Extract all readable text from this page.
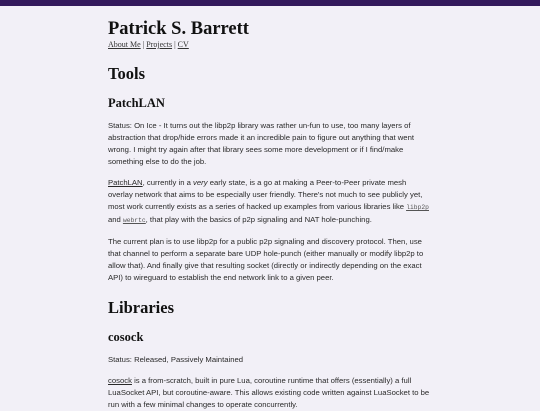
Patrick S. Barrett
About Me | Projects | CV
Tools
PatchLAN

Status: On Ice - It turns out the libp2p library was rather un-fun to use, too many layers of abstraction that drop/hide errors made it an incredible pain to figure out anything that went wrong. I might try again after that library sees some more development or if I find/make something else to do the job.

PatchLAN, currently in a very early state, is a go at making a Peer-to-Peer private mesh overlay network that aims to be especially user friendly. There's not much to see publicly yet, most work currently exists as a series of hacked up examples from various libraries like libp2p and webrtc, that play with the basics of p2p signaling and NAT hole-punching.

The current plan is to use libp2p for a public p2p signaling and discovery protocol. Then, use that channel to perform a separate bare UDP hole-punch (either manually or modify libp2p to allow that). And finally give that resulting socket (directly or indirectly depending on the exact API) to wireguard to establish the end network link to a given peer.

Libraries
cosock

Status: Released, Passively Maintained

cosock is a from-scratch, built in pure Lua, coroutine runtime that offers (essentially) a full LuaSocket API, but coroutine-aware. This allows existing code written against LuaSocket to be run with a few minimal changes to operate concurrently.
